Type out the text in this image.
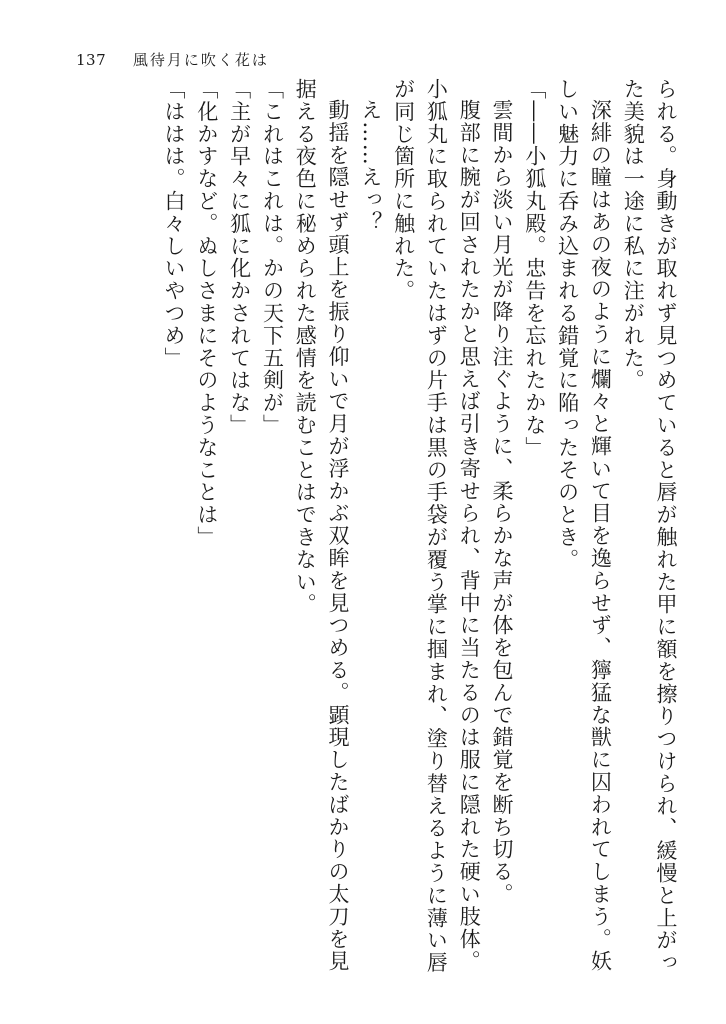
137 風待月に吹く花は

られる。身動きが取れず見つめていると唇が触れた甲に額を擦りつけられ、緩慢と上がった美貌は一途に私に注がれた。

深緋の瞳はあの夜のように爛々と輝いて目を逸らせず、獰猛な獣に囚われてしまう。妖しい魅力に呑み込まれる錯覚に陥ったそのとき。

「――小狐丸殿。忠告を忘れたかな」

雲間から淡い月光が降り注ぐように、柔らかな声が体を包んで錯覚を断ち切る。

腹部に腕が回されたかと思えば引き寄せられ、背中に当たるのは服に隠れた硬い肢体。小狐丸に取られていたはずの片手は黒の手袋が覆う掌に掴まれ、塗り替えるように薄い唇が同じ箇所に触れた。

え……えっ？

動揺を隠せず頭上を振り仰いで月が浮かぶ双眸を見つめる。顕現したばかりの太刀を見据える夜色に秘められた感情を読むことはできない。

「これはこれは。かの天下五剣が」

「主が早々に狐に化かされてはな」

「化かすなど。ぬしさまにそのようなことは」

「ははは。白々しいやつめ」
